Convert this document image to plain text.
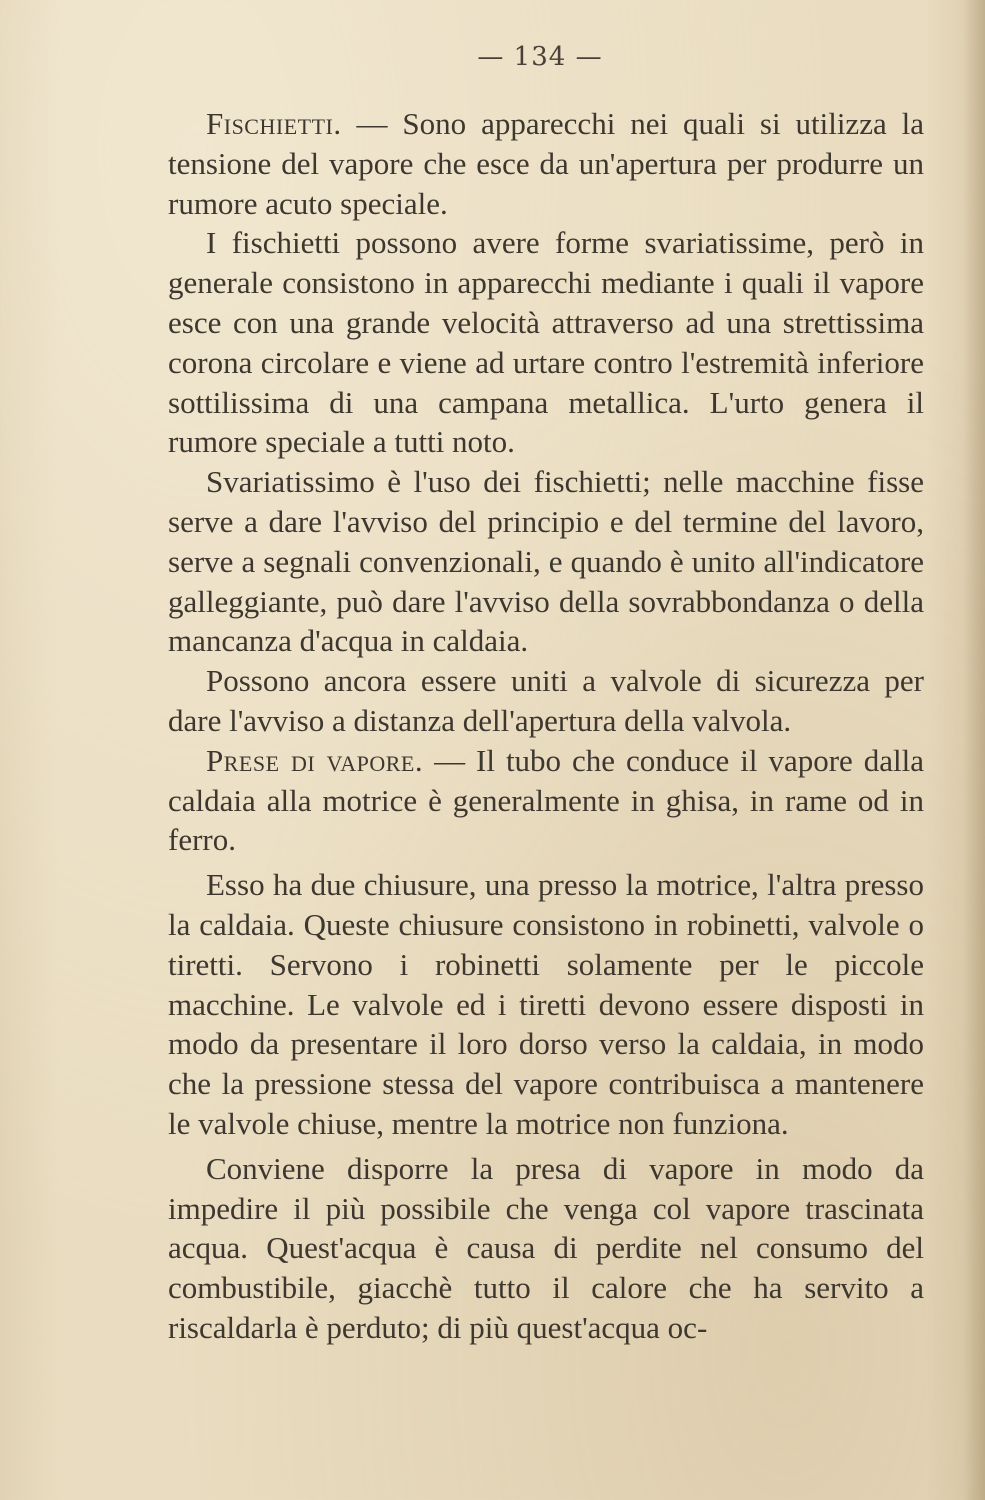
— 134 —

Fischietti. — Sono apparecchi nei quali si utilizza la tensione del vapore che esce da un'apertura per produrre un rumore acuto speciale.

I fischietti possono avere forme svariatissime, però in generale consistono in apparecchi mediante i quali il vapore esce con una grande velocità attraverso ad una strettissima corona circolare e viene ad urtare contro l'estremità inferiore sottilissima di una campana metallica. L'urto genera il rumore speciale a tutti noto.

Svariatissimo è l'uso dei fischietti; nelle macchine fisse serve a dare l'avviso del principio e del termine del lavoro, serve a segnali convenzionali, e quando è unito all'indicatore galleggiante, può dare l'avviso della sovrabbondanza o della mancanza d'acqua in caldaia.

Possono ancora essere uniti a valvole di sicurezza per dare l'avviso a distanza dell'apertura della valvola.

Prese di vapore. — Il tubo che conduce il vapore dalla caldaia alla motrice è generalmente in ghisa, in rame od in ferro.

Esso ha due chiusure, una presso la motrice, l'altra presso la caldaia. Queste chiusure consistono in robinetti, valvole o tiretti. Servono i robinetti solamente per le piccole macchine. Le valvole ed i tiretti devono essere disposti in modo da presentare il loro dorso verso la caldaia, in modo che la pressione stessa del vapore contribuisca a mantenere le valvole chiuse, mentre la motrice non funziona.

Conviene disporre la presa di vapore in modo da impedire il più possibile che venga col vapore trascinata acqua. Quest'acqua è causa di perdite nel consumo del combustibile, giacchè tutto il calore che ha servito a riscaldarla è perduto; di più quest'acqua oc-
